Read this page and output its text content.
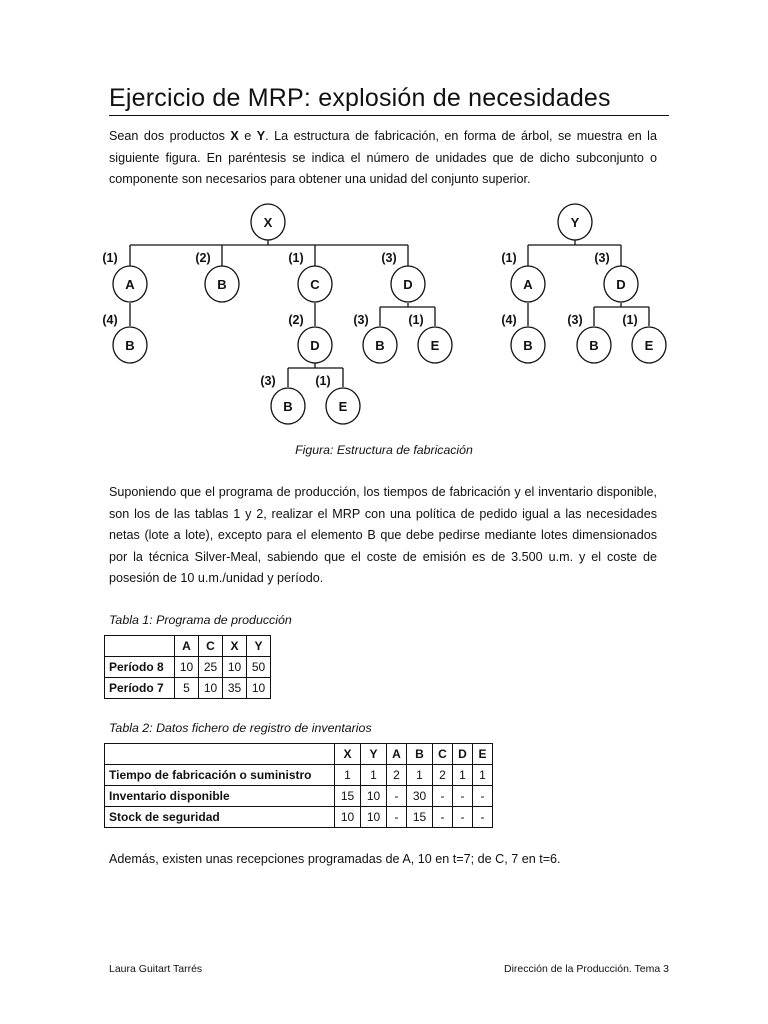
Ejercicio de MRP: explosión de necesidades

Sean dos productos X e Y. La estructura de fabricación, en forma de árbol, se muestra en la siguiente figura. En paréntesis se indica el número de unidades que de dicho subconjunto o componente son necesarios para obtener una unidad del conjunto superior.

X
A	B	C	D
B	D	B	E
B	E
Y
A	D
B	B	E
(1)	(2)	(1)	(3)
(4)	(2)	(3)	(1)
(3)	(1)
(1)	(3)
(4)	(3)	(1)
Figura: Estructura de fabricación

Suponiendo que el programa de producción, los tiempos de fabricación y el inventario disponible, son los de las tablas 1 y 2, realizar el MRP con una política de pedido igual a las necesidades netas (lote a lote), excepto para el elemento B que debe pedirse mediante lotes dimensionados por la técnica Silver-Meal, sabiendo que el coste de emisión es de 3.500 u.m. y el coste de posesión de 10 u.m./unidad y período.

Tabla 1: Programa de producción
	A	C	X	Y
Período 8	10	25	10	50
Período 7	5	10	35	10
Tabla 2: Datos fichero de registro de inventarios
	X	Y	A	B	C	D	E
Tiempo de fabricación o suministro	1	1	2	1	2	1	1
Inventario disponible	15	10	-	30	-	-	-
Stock de seguridad	10	10	-	15	-	-	-

Además, existen unas recepciones programadas de A, 10 en t=7; de C, 7 en t=6.

Laura Guitart Tarrés	Dirección de la Producción. Tema 3
